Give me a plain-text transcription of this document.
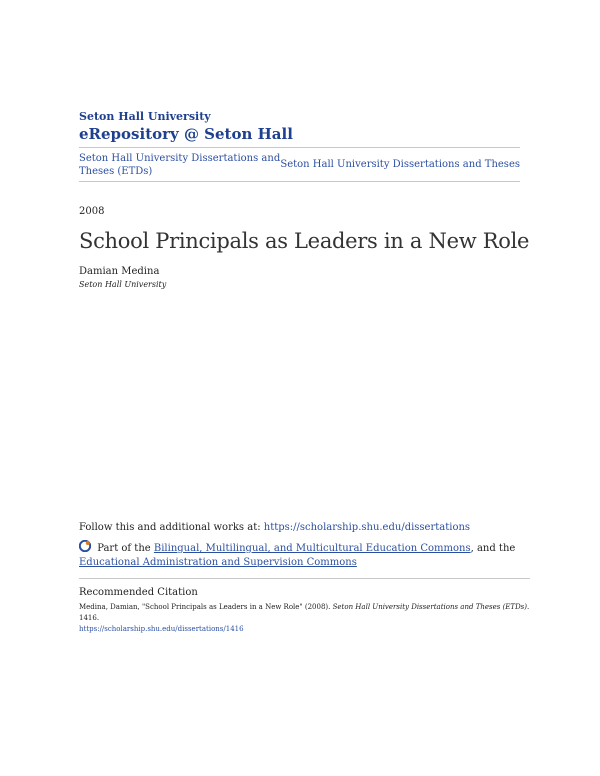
Seton Hall University
eRepository @ Seton Hall
Seton Hall University Dissertations and Theses (ETDs)
Seton Hall University Dissertations and Theses
2008
School Principals as Leaders in a New Role
Damian Medina
Seton Hall University
Follow this and additional works at: https://scholarship.shu.edu/dissertations
Part of the Bilingual, Multilingual, and Multicultural Education Commons, and the Educational Administration and Supervision Commons
Recommended Citation
Medina, Damian, "School Principals as Leaders in a New Role" (2008). Seton Hall University Dissertations and Theses (ETDs). 1416.
https://scholarship.shu.edu/dissertations/1416
